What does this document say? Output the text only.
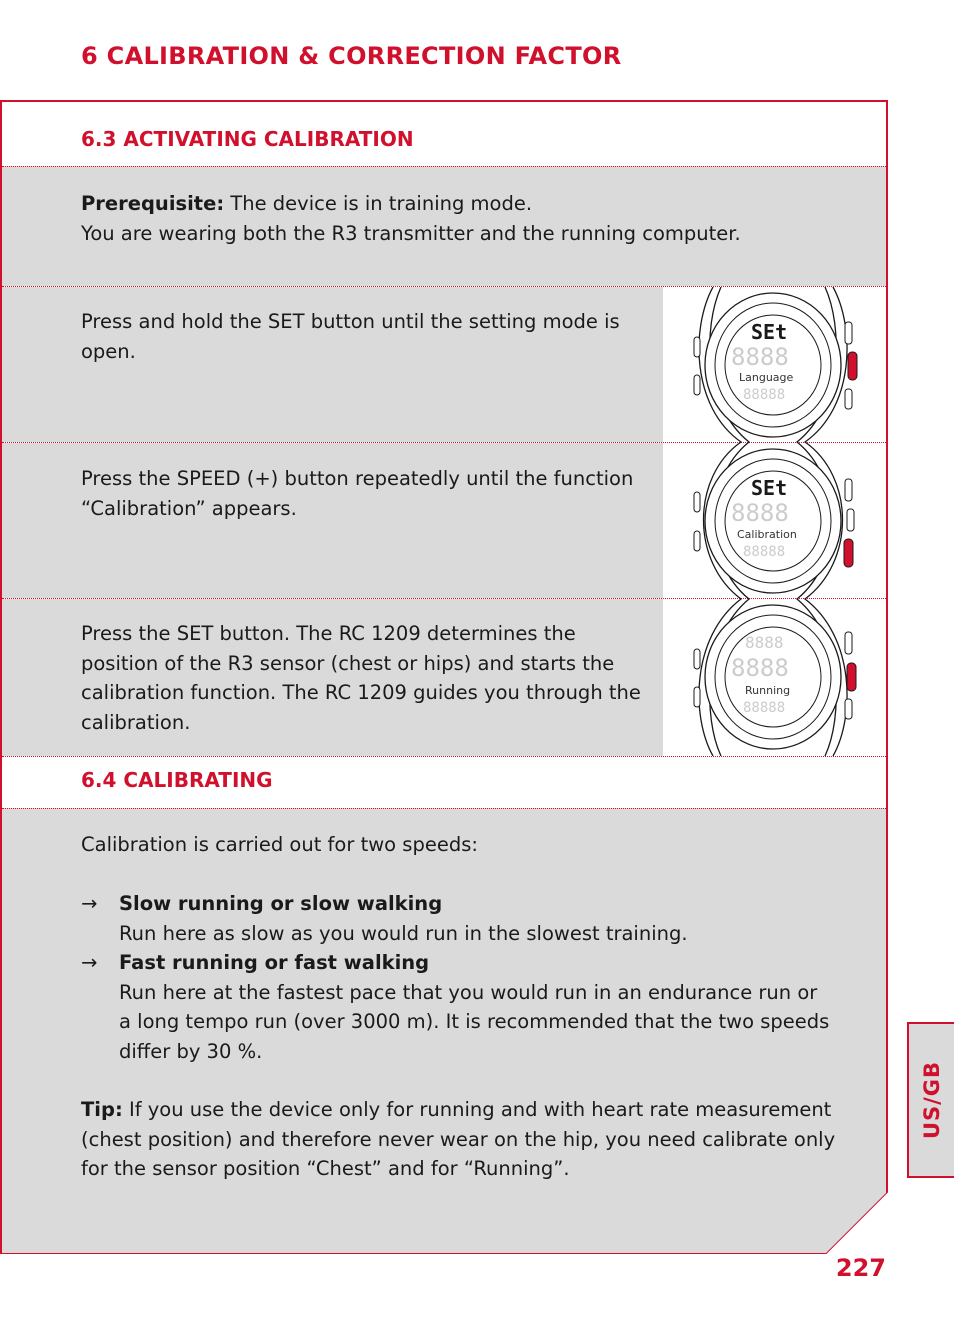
6 CALIBRATION & CORRECTION FACTOR
6.3 ACTIVATING CALIBRATION
Prerequisite: The device is in training mode.
You are wearing both the R3 transmitter and the running computer.
Press and hold the SET button until the setting mode is open.
Press the SPEED (+) button repeatedly until the function “Calibration” appears.
Press the SET button. The RC 1209 determines the position of the R3 sensor (chest or hips) and starts the calibration function. The RC 1209 guides you through the calibration.
SEt
8888
Language
88888
SEt
8888
Calibration
88888
8888
8888
Running
88888
6.4 CALIBRATING
Calibration is carried out for two speeds:
→	Slow running or slow walking
Run here as slow as you would run in the slowest training.
→	Fast running or fast walking
Run here at the fastest pace that you would run in an endurance run or a long tempo run (over 3000 m). It is recommended that the two speeds differ by 30 %.
Tip: If you use the device only for running and with heart rate measurement (chest position) and therefore never wear on the hip, you need calibrate only for the sensor position “Chest” and for “Running”.
US/GB
227
